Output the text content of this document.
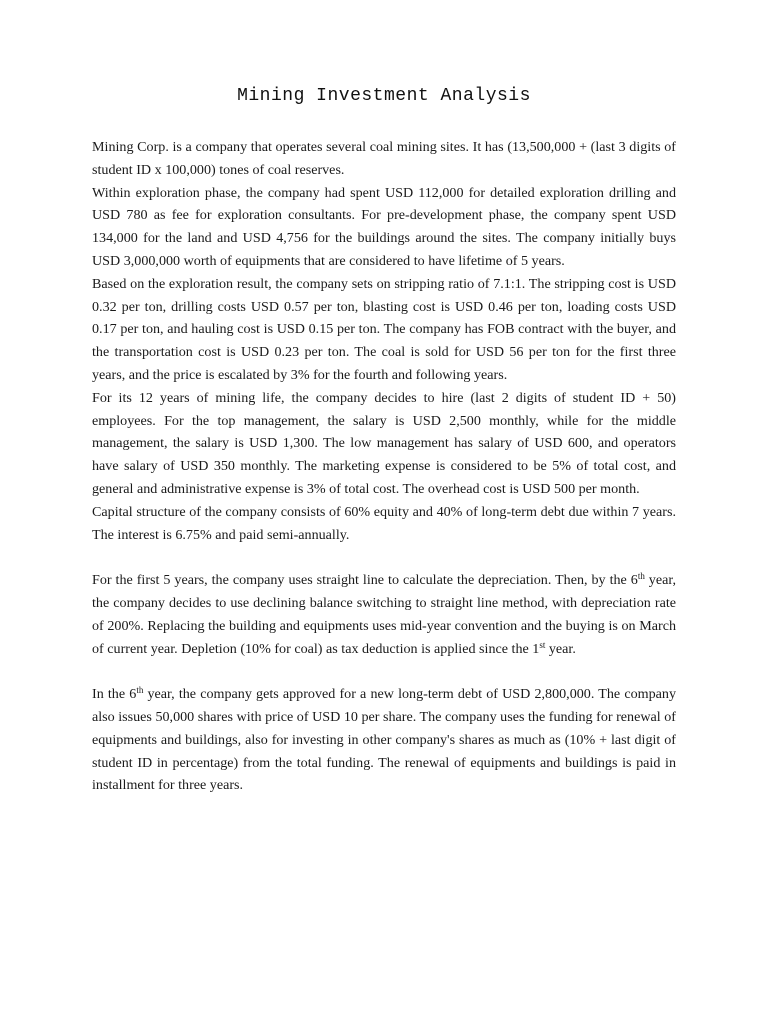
Mining Investment Analysis

Mining Corp. is a company that operates several coal mining sites. It has (13,500,000 + (last 3 digits of student ID x 100,000) tones of coal reserves.

Within exploration phase, the company had spent USD 112,000 for detailed exploration drilling and USD 780 as fee for exploration consultants. For pre-development phase, the company spent USD 134,000 for the land and USD 4,756 for the buildings around the sites. The company initially buys USD 3,000,000 worth of equipments that are considered to have lifetime of 5 years.

Based on the exploration result, the company sets on stripping ratio of 7.1:1. The stripping cost is USD 0.32 per ton, drilling costs USD 0.57 per ton, blasting cost is USD 0.46 per ton, loading costs USD 0.17 per ton, and hauling cost is USD 0.15 per ton. The company has FOB contract with the buyer, and the transportation cost is USD 0.23 per ton. The coal is sold for USD 56 per ton for the first three years, and the price is escalated by 3% for the fourth and following years.

For its 12 years of mining life, the company decides to hire (last 2 digits of student ID + 50) employees. For the top management, the salary is USD 2,500 monthly, while for the middle management, the salary is USD 1,300. The low management has salary of USD 600, and operators have salary of USD 350 monthly. The marketing expense is considered to be 5% of total cost, and general and administrative expense is 3% of total cost. The overhead cost is USD 500 per month.

Capital structure of the company consists of 60% equity and 40% of long-term debt due within 7 years. The interest is 6.75% and paid semi-annually.

For the first 5 years, the company uses straight line to calculate the depreciation. Then, by the 6th year, the company decides to use declining balance switching to straight line method, with depreciation rate of 200%. Replacing the building and equipments uses mid-year convention and the buying is on March of current year. Depletion (10% for coal) as tax deduction is applied since the 1st year.

In the 6th year, the company gets approved for a new long-term debt of USD 2,800,000. The company also issues 50,000 shares with price of USD 10 per share. The company uses the funding for renewal of equipments and buildings, also for investing in other company's shares as much as (10% + last digit of student ID in percentage) from the total funding. The renewal of equipments and buildings is paid in installment for three years.
